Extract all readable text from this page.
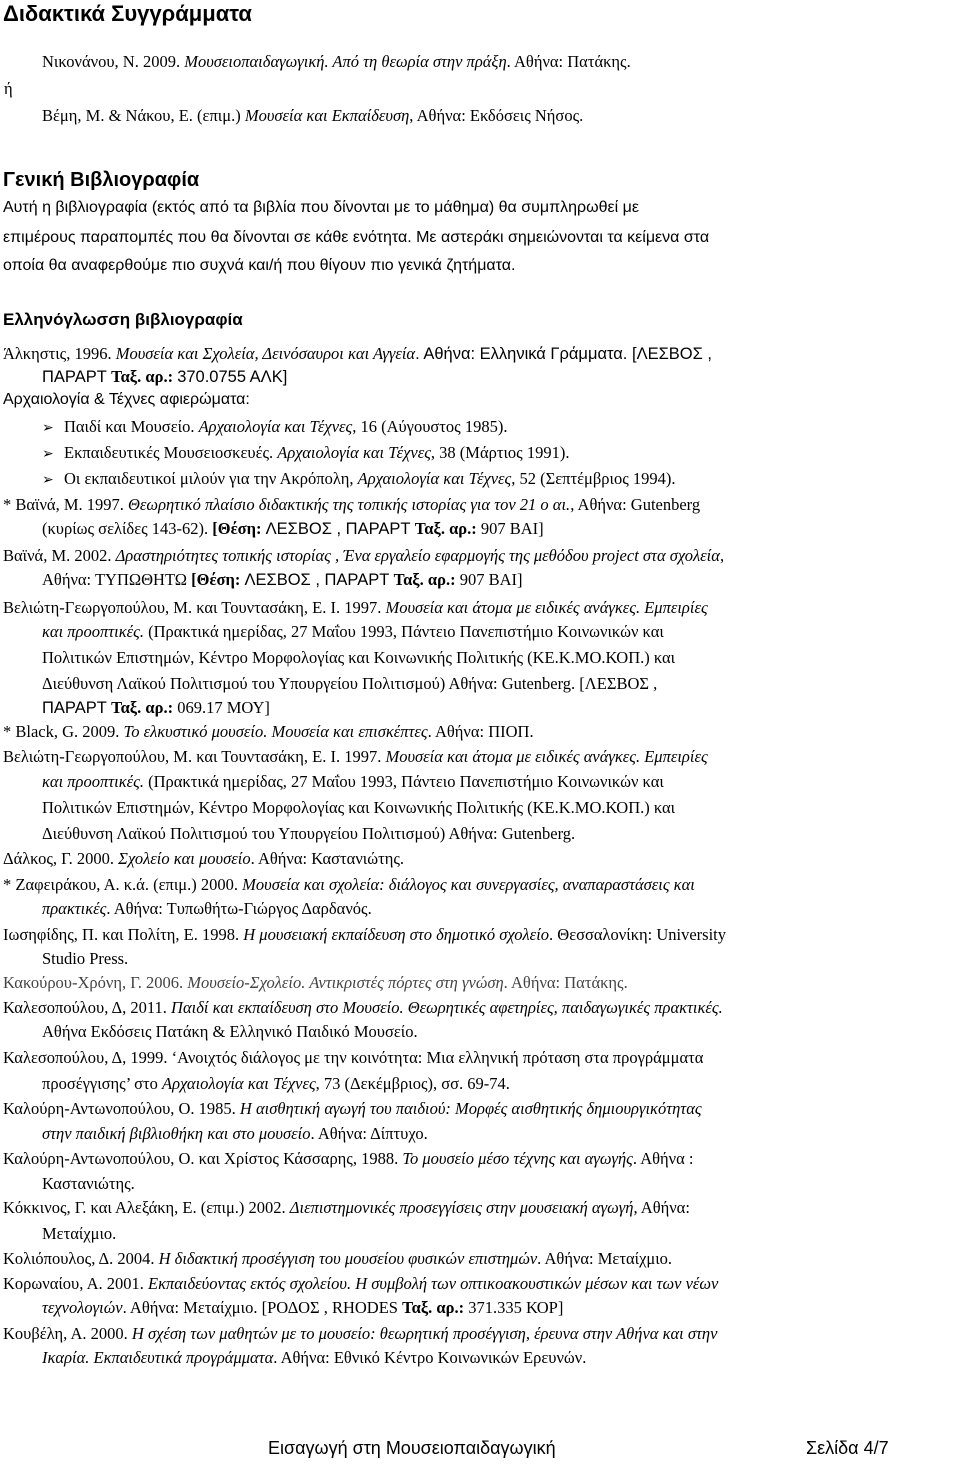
Διδακτικά Συγγράμματα
Νικονάνου, Ν. 2009. Μουσειοπαιδαγωγική. Από τη θεωρία στην πράξη. Αθήνα: Πατάκης.
ή
Βέμη, Μ. & Νάκου, Ε. (επιμ.) Μουσεία και Εκπαίδευση, Αθήνα: Εκδόσεις Νήσος.
Γενική Βιβλιογραφία
Αυτή η βιβλιογραφία (εκτός από τα βιβλία που δίνονται με το μάθημα) θα συμπληρωθεί με
επιμέρους παραπομπές που θα δίνονται σε κάθε ενότητα. Με αστεράκι σημειώνονται τα κείμενα στα
οποία θα αναφερθούμε πιο συχνά και/ή που θίγουν πιο γενικά ζητήματα.
Ελληνόγλωσση βιβλιογραφία
Άλκηστις, 1996. Μουσεία και Σχολεία, Δεινόσαυροι και Αγγεία. Αθήνα: Ελληνικά Γράμματα. [ΛΕΣΒΟΣ ,
ΠΑΡΑΡΤ Ταξ. αρ.: 370.0755 ΑΛΚ]
Αρχαιολογία & Τέχνες αφιερώματα:
➢ Παιδί και Μουσείο. Αρχαιολογία και Τέχνες, 16 (Αύγουστος 1985).
➢ Εκπαιδευτικές Μουσειοσκευές. Αρχαιολογία και Τέχνες, 38 (Μάρτιος 1991).
➢ Οι εκπαιδευτικοί μιλούν για την Ακρόπολη, Αρχαιολογία και Τέχνες, 52 (Σεπτέμβριος 1994).
* Βαϊνά, Μ. 1997. Θεωρητικό πλαίσιο διδακτικής της τοπικής ιστορίας για τον 21 ο αι., Αθήνα: Gutenberg
(κυρίως σελίδες 143-62). [Θέση: ΛΕΣΒΟΣ , ΠΑΡΑΡΤ Ταξ. αρ.: 907 ΒΑΙ]
Βαϊνά, Μ. 2002. Δραστηριότητες τοπικής ιστορίας , Ένα εργαλείο εφαρμογής της μεθόδου project στα σχολεία,
Αθήνα: ΤΥΠΩΘΗΤΩ [Θέση: ΛΕΣΒΟΣ , ΠΑΡΑΡΤ Ταξ. αρ.: 907 ΒΑΙ]
Βελιώτη-Γεωργοπούλου, Μ. και Τουντασάκη, Ε. Ι. 1997. Μουσεία και άτομα με ειδικές ανάγκες. Εμπειρίες
και προοπτικές. (Πρακτικά ημερίδας, 27 Μαΐου 1993, Πάντειο Πανεπιστήμιο Κοινωνικών και
Πολιτικών Επιστημών, Κέντρο Μορφολογίας και Κοινωνικής Πολιτικής (ΚΕ.Κ.ΜΟ.ΚΟΠ.) και
Διεύθυνση Λαϊκού Πολιτισμού του Υπουργείου Πολιτισμού) Αθήνα: Gutenberg. [ΛΕΣΒΟΣ ,
ΠΑΡΑΡΤ Ταξ. αρ.: 069.17 ΜΟΥ]
* Black, G. 2009. Το ελκυστικό μουσείο. Μουσεία και επισκέπτες. Αθήνα: ΠΙΟΠ.
Βελιώτη-Γεωργοπούλου, Μ. και Τουντασάκη, Ε. Ι. 1997. Μουσεία και άτομα με ειδικές ανάγκες. Εμπειρίες
και προοπτικές. (Πρακτικά ημερίδας, 27 Μαΐου 1993, Πάντειο Πανεπιστήμιο Κοινωνικών και
Πολιτικών Επιστημών, Κέντρο Μορφολογίας και Κοινωνικής Πολιτικής (ΚΕ.Κ.ΜΟ.ΚΟΠ.) και
Διεύθυνση Λαϊκού Πολιτισμού του Υπουργείου Πολιτισμού) Αθήνα: Gutenberg.
Δάλκος, Γ. 2000. Σχολείο και μουσείο. Αθήνα: Καστανιώτης.
* Ζαφειράκου, Α. κ.ά. (επιμ.) 2000. Μουσεία και σχολεία: διάλογος και συνεργασίες, αναπαραστάσεις και
πρακτικές. Αθήνα: Τυπωθήτω-Γιώργος Δαρδανός.
Ιωσηφίδης, Π. και Πολίτη, Ε. 1998. Η μουσειακή εκπαίδευση στο δημοτικό σχολείο. Θεσσαλονίκη: University
Studio Press.
Κακούρου-Χρόνη, Γ. 2006. Μουσείο-Σχολείο. Αντικριστές πόρτες στη γνώση. Αθήνα: Πατάκης.
Καλεσοπούλου, Δ, 2011. Παιδί και εκπαίδευση στο Μουσείο. Θεωρητικές αφετηρίες, παιδαγωγικές πρακτικές.
Αθήνα Εκδόσεις Πατάκη & Ελληνικό Παιδικό Μουσείο.
Καλεσοπούλου, Δ, 1999. ‘Ανοιχτός διάλογος με την κοινότητα: Μια ελληνική πρόταση στα προγράμματα
προσέγγισης’ στο Αρχαιολογία και Τέχνες, 73 (Δεκέμβριος), σσ. 69-74.
Καλούρη-Αντωνοπούλου, Ο. 1985. Η αισθητική αγωγή του παιδιού: Μορφές αισθητικής δημιουργικότητας
στην παιδική βιβλιοθήκη και στο μουσείο. Αθήνα: Δίπτυχο.
Καλούρη-Αντωνοπούλου, Ο. και Χρίστος Κάσσαρης, 1988. Το μουσείο μέσο τέχνης και αγωγής. Αθήνα :
Καστανιώτης.
Κόκκινος, Γ. και Αλεξάκη, Ε. (επιμ.) 2002. Διεπιστημονικές προσεγγίσεις στην μουσειακή αγωγή, Αθήνα:
Μεταίχμιο.
Κολιόπουλος, Δ. 2004. Η διδακτική προσέγγιση του μουσείου φυσικών επιστημών. Αθήνα: Μεταίχμιο.
Κορωναίου, Α. 2001. Εκπαιδεύοντας εκτός σχολείου. Η συμβολή των οπτικοακουστικών μέσων και των νέων
τεχνολογιών. Αθήνα: Μεταίχμιο. [ΡΟΔΟΣ , RHODES Ταξ. αρ.: 371.335 ΚΟΡ]
Κουβέλη, Α. 2000. Η σχέση των μαθητών με το μουσείο: θεωρητική προσέγγιση, έρευνα στην Αθήνα και στην
Ικαρία. Εκπαιδευτικά προγράμματα. Αθήνα: Εθνικό Κέντρο Κοινωνικών Ερευνών.
Εισαγωγή στη Μουσειοπαιδαγωγική	Σελίδα 4/7
